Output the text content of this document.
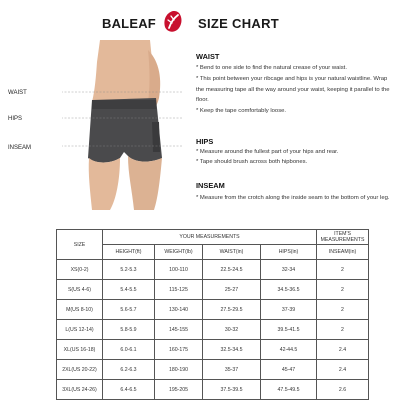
BALEAF	SIZE CHART
WAIST
HIPS
INSEAM
WAIST
* Bend to one side to find the natural crease of your waist.
* This point between your ribcage and hips is your natural waistline. Wrap the measuring tape all the way around your waist, keeping it parallel to the floor.
* Keep the tape comfortably loose.
HIPS
* Measure around the fullest part of your hips and rear.
* Tape should brush across both hipbones.
INSEAM
* Measure from the crotch along the inside seam to the bottom of your leg.
SIZE	YOUR MEASUREMENTS				ITEM'S MEASUREMENTS
	HEIGHT(ft)	WEIGHT(lb)	WAIST(in)	HIPS(in)	INSEAM(in)
XS(0-2)	5.2-5.3	100-110	22.5-24.5	32-34	2
S(US 4-6)	5.4-5.5	115-125	25-27	34.5-36.5	2
M(US 8-10)	5.6-5.7	130-140	27.5-29.5	37-39	2
L(US 12-14)	5.8-5.9	145-155	30-32	39.5-41.5	2
XL(US 16-18)	6.0-6.1	160-175	32.5-34.5	42-44.5	2.4
2XL(US 20-22)	6.2-6.3	180-190	35-37	45-47	2.4
3XL(US 24-26)	6.4-6.5	195-205	37.5-39.5	47.5-49.5	2.6
